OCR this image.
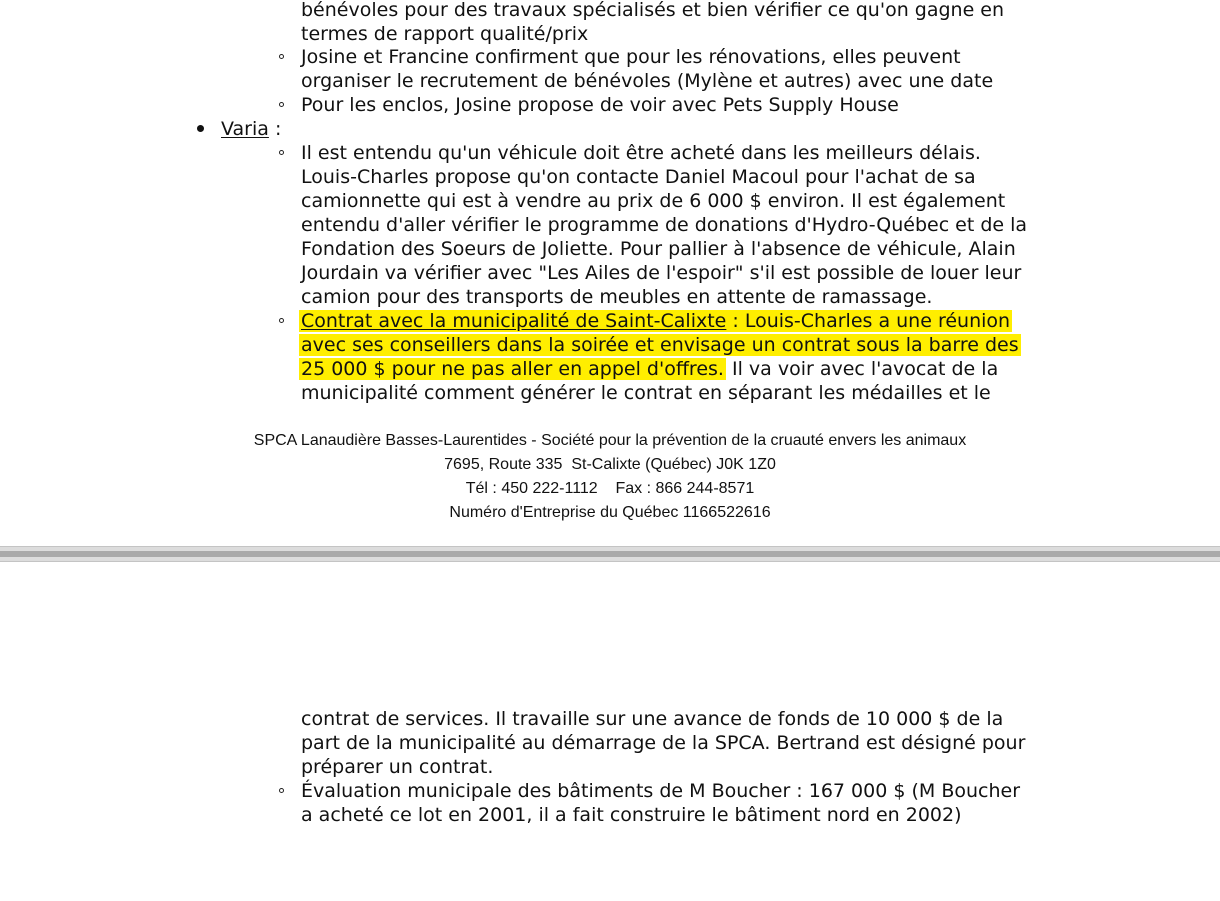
bénévoles pour des travaux spécialisés et bien vérifier ce qu'on gagne en
termes de rapport qualité/prix
Josine et Francine confirment que pour les rénovations, elles peuvent
organiser le recrutement de bénévoles (Mylène et autres) avec une date
Pour les enclos, Josine propose de voir avec Pets Supply House
Varia :
Il est entendu qu'un véhicule doit être acheté dans les meilleurs délais.
Louis-Charles propose qu'on contacte Daniel Macoul pour l'achat de sa
camionnette qui est à vendre au prix de 6 000 $ environ. Il est également
entendu d'aller vérifier le programme de donations d'Hydro-Québec et de la
Fondation des Soeurs de Joliette. Pour pallier à l'absence de véhicule, Alain
Jourdain va vérifier avec "Les Ailes de l'espoir" s'il est possible de louer leur
camion pour des transports de meubles en attente de ramassage.
Contrat avec la municipalité de Saint-Calixte : Louis-Charles a une réunion
avec ses conseillers dans la soirée et envisage un contrat sous la barre des
25 000 $ pour ne pas aller en appel d'offres. Il va voir avec l'avocat de la
municipalité comment générer le contrat en séparant les médailles et le
SPCA Lanaudière Basses-Laurentides - Société pour la prévention de la cruauté envers les animaux
7695, Route 335  St-Calixte (Québec) J0K 1Z0
Tél : 450 222-1112    Fax : 866 244-8571
Numéro d'Entreprise du Québec 1166522616
contrat de services. Il travaille sur une avance de fonds de 10 000 $ de la
part de la municipalité au démarrage de la SPCA. Bertrand est désigné pour
préparer un contrat.
Évaluation municipale des bâtiments de M Boucher : 167 000 $ (M Boucher
a acheté ce lot en 2001, il a fait construire le bâtiment nord en 2002)
